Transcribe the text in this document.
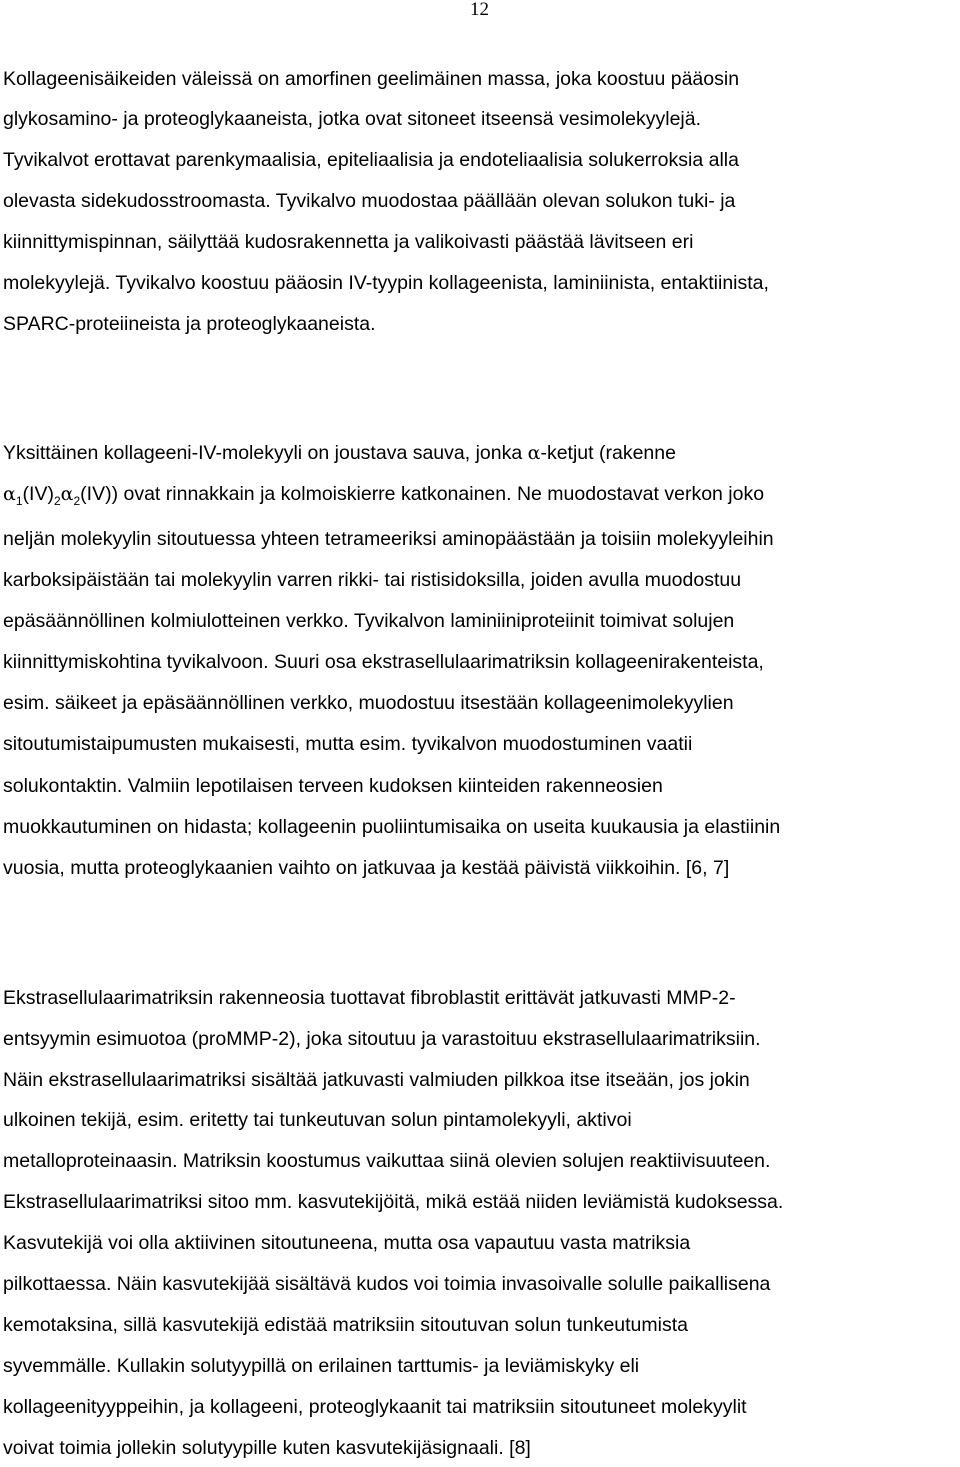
12
Kollageenisäikeiden väleissä on amorfinen geelimäinen massa, joka koostuu pääosin
glykosamino- ja proteoglykaaneista, jotka ovat sitoneet itseensä vesimolekyylejä.
Tyvikalvot erottavat parenkymaalisia, epiteliaalisia ja endoteliaalisia solukerroksia alla
olevasta sidekudosstroomasta. Tyvikalvo muodostaa päällään olevan solukon tuki- ja
kiinnittymispinnan, säilyttää kudosrakennetta ja valikoivasti päästää lävitseen eri
molekyylejä. Tyvikalvo koostuu pääosin IV-tyypin kollageenista, laminiinista, entaktiinista,
SPARC-proteiineista ja proteoglykaaneista.
Yksittäinen kollageeni-IV-molekyyli on joustava sauva, jonka α-ketjut (rakenne
$\alpha_1(IV)_2\alpha_2(IV)$) ovat rinnakkain ja kolmoiskierre katkonainen. Ne muodostavat verkon joko
neljän molekyylin sitoutuessa yhteen tetrameeriksi aminopäästään ja toisiin molekyyleihin
karboksipäistään tai molekyylin varren rikki- tai ristisidoksilla, joiden avulla muodostuu
epäsäännöllinen kolmiulotteinen verkko. Tyvikalvon laminiiniproteiinit toimivat solujen
kiinnittymiskohtina tyvikalvoon. Suuri osa ekstrasellulaarimatriksin kollageenirakenteista,
esim. säikeet ja epäsäännöllinen verkko, muodostuu itsestään kollageenimolekyylien
sitoutumistaipumusten mukaisesti, mutta esim. tyvikalvon muodostuminen vaatii
solukontaktin. Valmiin lepotilaisen terveen kudoksen kiinteiden rakenneosien
muokkautuminen on hidasta; kollageenin puoliintumisaika on useita kuukausia ja elastiinin
vuosia, mutta proteoglykaanien vaihto on jatkuvaa ja kestää päivistä viikkoihin. [6, 7]
Ekstrasellulaarimatriksin rakenneosia tuottavat fibroblastit erittävät jatkuvasti MMP-2-
entsyymin esimuotoa (proMMP-2), joka sitoutuu ja varastoituu ekstrasellulaarimatriksiin.
Näin ekstrasellulaarimatriksi sisältää jatkuvasti valmiuden pilkkoa itse itseään, jos jokin
ulkoinen tekijä, esim. eritetty tai tunkeutuvan solun pintamolekyyli, aktivoi
metalloproteinaasin. Matriksin koostumus vaikuttaa siinä olevien solujen reaktiivisuuteen.
Ekstrasellulaarimatriksi sitoo mm. kasvutekijöitä, mikä estää niiden leviämistä kudoksessa.
Kasvutekijä voi olla aktiivinen sitoutuneena, mutta osa vapautuu vasta matriksia
pilkottaessa. Näin kasvutekijää sisältävä kudos voi toimia invasoivalle solulle paikallisena
kemotaksina, sillä kasvutekijä edistää matriksiin sitoutuvan solun tunkeutumista
syvemmälle. Kullakin solutyypillä on erilainen tarttumis- ja leviämiskyky eli
kollageenityyppeihin, ja kollageeni, proteoglykaanit tai matriksiin sitoutuneet molekyylit
voivat toimia jollekin solutyypille kuten kasvutekijäsignaali. [8]
